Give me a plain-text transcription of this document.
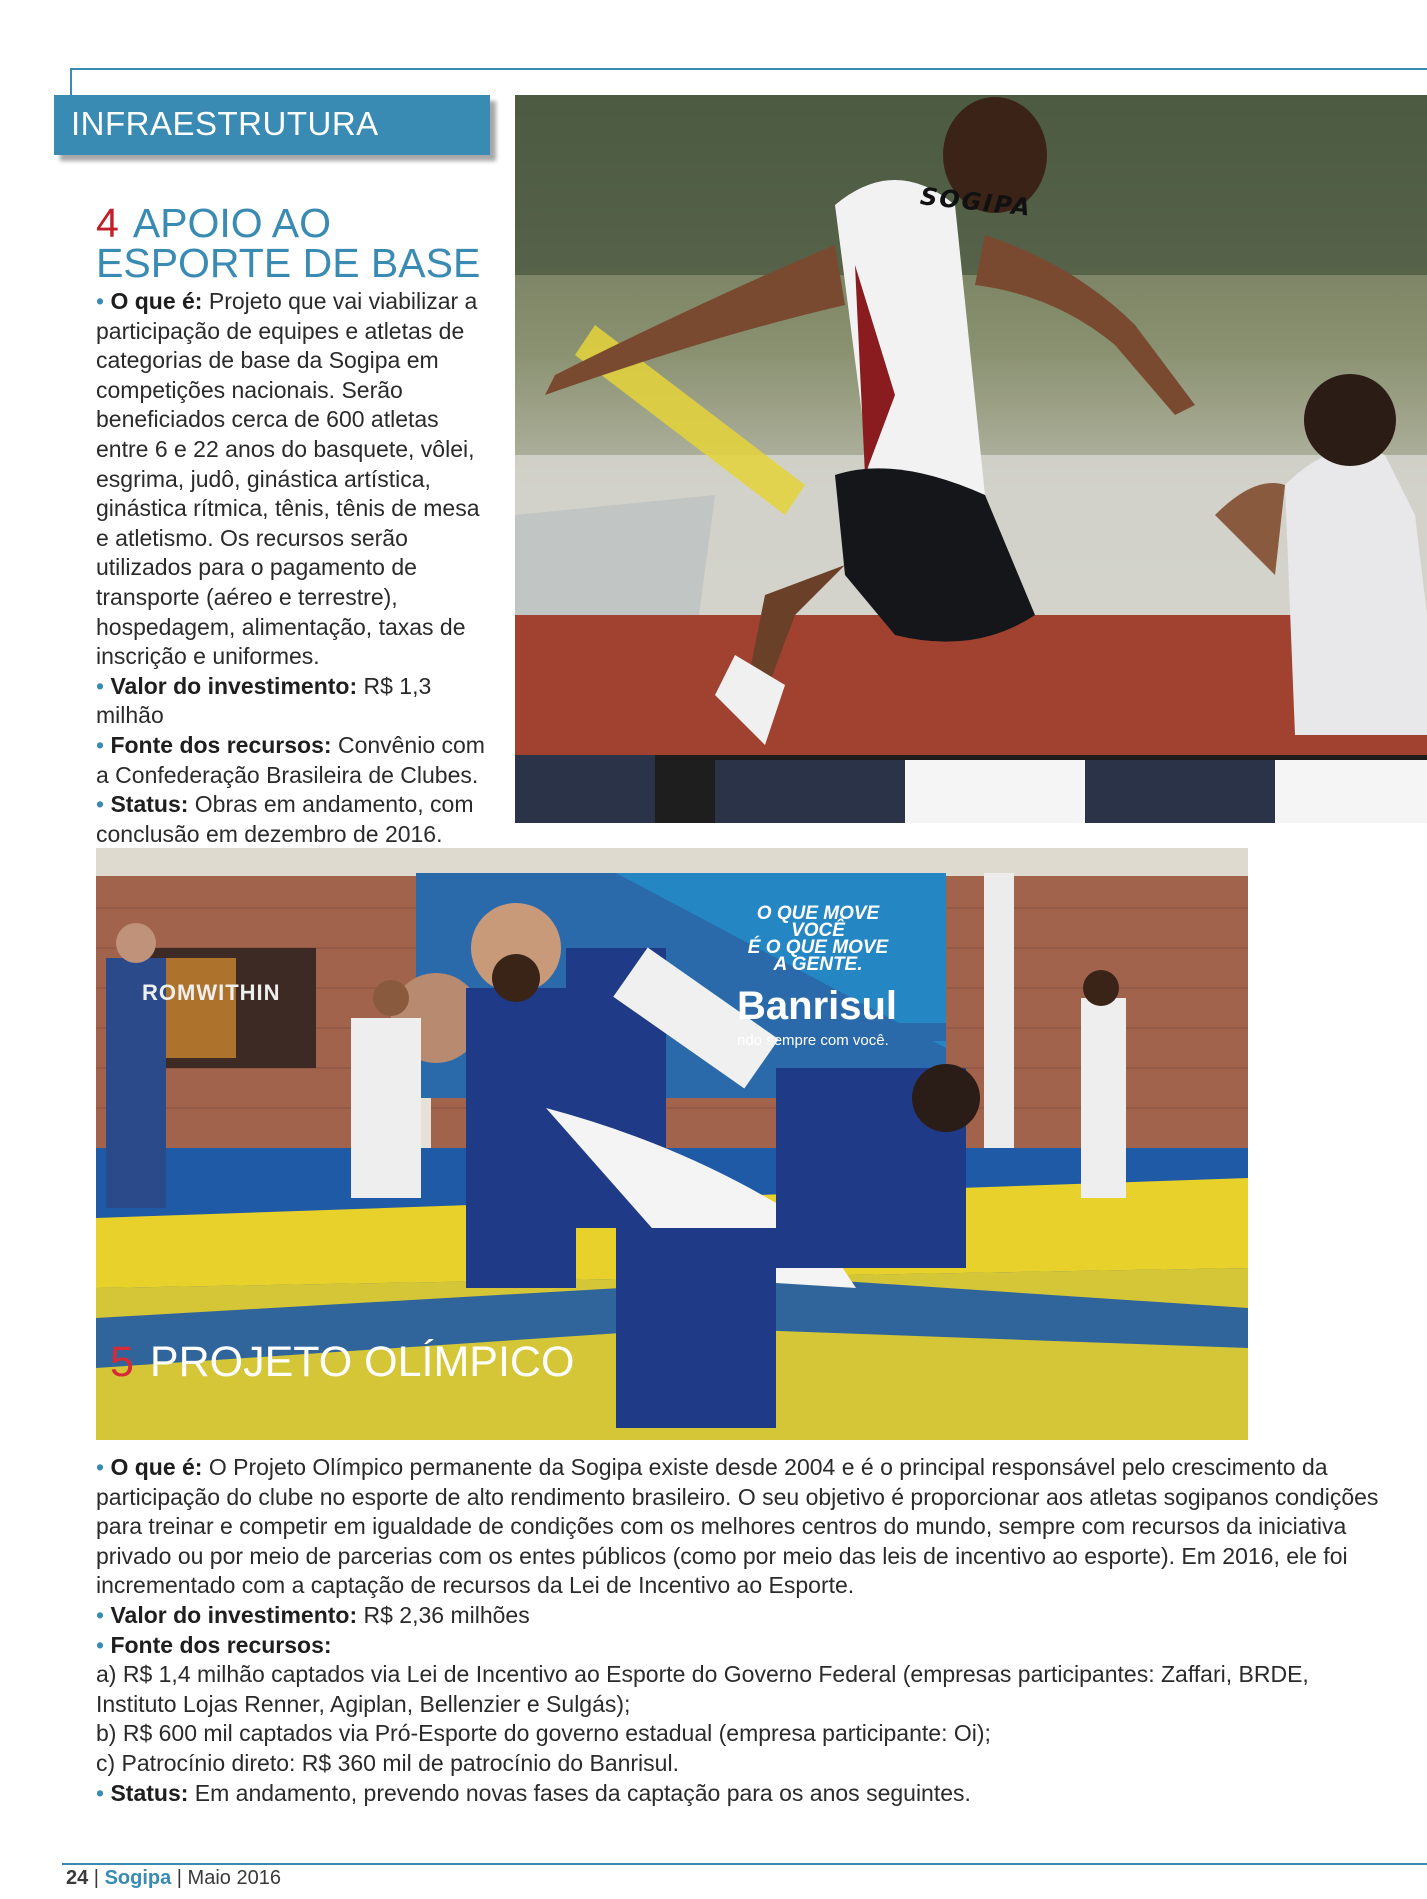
INFRAESTRUTURA
4 APOIO AO
ESPORTE DE BASE

• O que é: Projeto que vai viabilizar a participação de equipes e atletas de categorias de base da Sogipa em competições nacionais. Serão beneficiados cerca de 600 atletas entre 6 e 22 anos do basquete, vôlei, esgrima, judô, ginástica artística, ginástica rítmica, tênis, tênis de mesa e atletismo. Os recursos serão utilizados para o pagamento de transporte (aéreo e terrestre), hospedagem, alimentação, taxas de inscrição e uniformes.

• Valor do investimento: R$ 1,3 milhão

• Fonte dos recursos: Convênio com a Confederação Brasileira de Clubes.

• Status: Obras em andamento, com conclusão em dezembro de 2016.

SOGIPA
O QUE MOVE
VOCÊ
É O QUE MOVE
A GENTE.
Banrisul
ndo sempre com você.
ROMWITHIN
5 PROJETO OLÍMPICO

• O que é: O Projeto Olímpico permanente da Sogipa existe desde 2004 e é o principal responsável pelo crescimento da participação do clube no esporte de alto rendimento brasileiro. O seu objetivo é proporcionar aos atletas sogipanos condições para treinar e competir em igualdade de condições com os melhores centros do mundo, sempre com recursos da iniciativa privado ou por meio de parcerias com os entes públicos (como por meio das leis de incentivo ao esporte). Em 2016, ele foi incrementado com a captação de recursos da Lei de Incentivo ao Esporte.

• Valor do investimento: R$ 2,36 milhões

• Fonte dos recursos:

a) R$ 1,4 milhão captados via Lei de Incentivo ao Esporte do Governo Federal (empresas participantes: Zaffari, BRDE, Instituto Lojas Renner, Agiplan, Bellenzier e Sulgás);

b) R$ 600 mil captados via Pró-Esporte do governo estadual (empresa participante: Oi);

c) Patrocínio direto: R$ 360 mil de patrocínio do Banrisul.

• Status: Em andamento, prevendo novas fases da captação para os anos seguintes.

24 | Sogipa | Maio 2016
